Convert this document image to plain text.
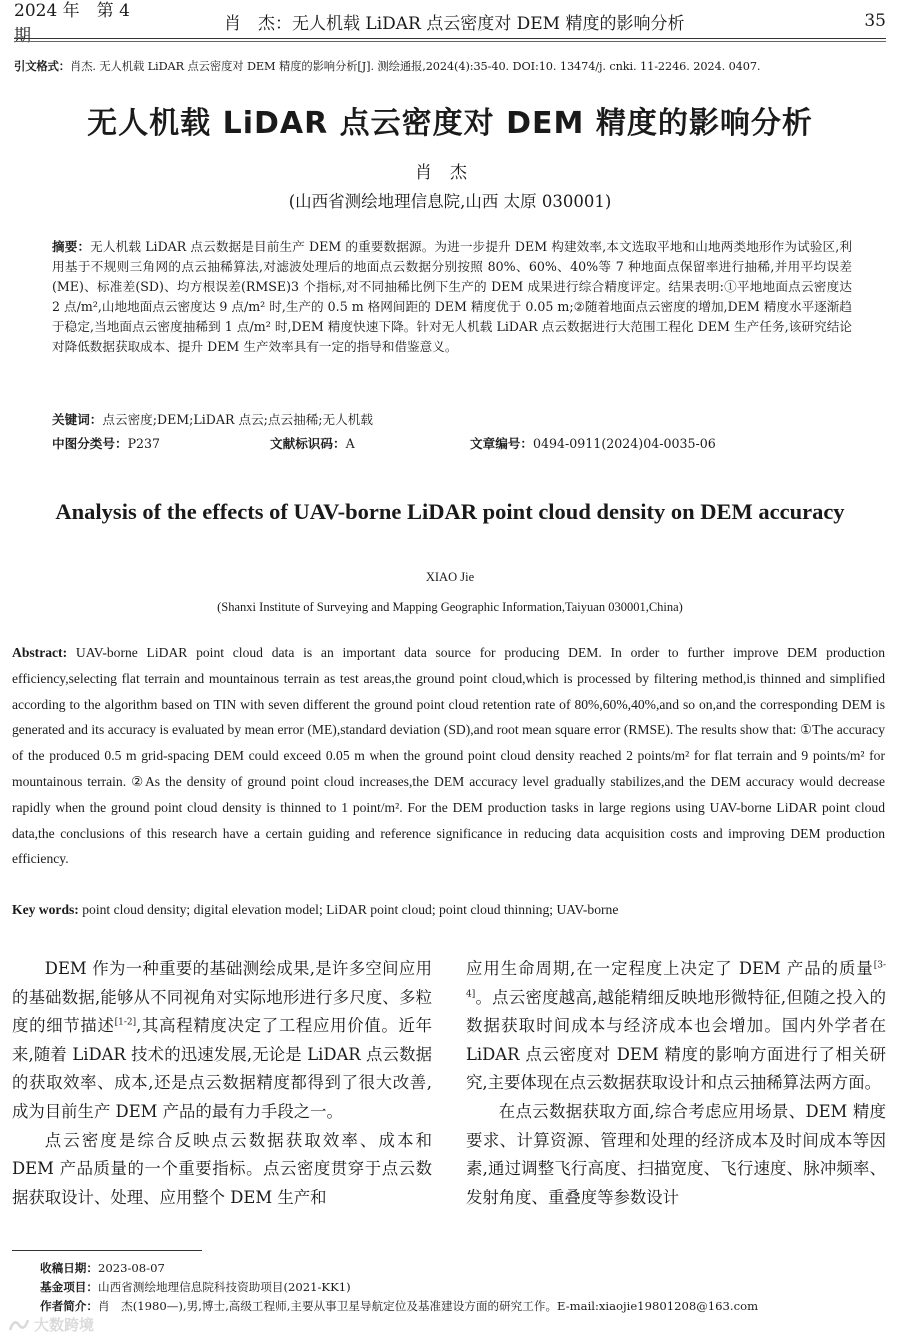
2024 年　第 4 期
肖　杰：无人机载 LiDAR 点云密度对 DEM 精度的影响分析	35
引文格式：肖杰. 无人机载 LiDAR 点云密度对 DEM 精度的影响分析[J]. 测绘通报,2024(4):35-40. DOI:10. 13474/j. cnki. 11-2246. 2024. 0407.
无人机载 LiDAR 点云密度对 DEM 精度的影响分析
肖杰
(山西省测绘地理信息院,山西 太原 030001)
摘要：无人机载 LiDAR 点云数据是目前生产 DEM 的重要数据源。为进一步提升 DEM 构建效率,本文选取平地和山地两类地形作为试验区,利用基于不规则三角网的点云抽稀算法,对滤波处理后的地面点云数据分别按照 80%、60%、40%等 7 种地面点保留率进行抽稀,并用平均误差(ME)、标准差(SD)、均方根误差(RMSE)3 个指标,对不同抽稀比例下生产的 DEM 成果进行综合精度评定。结果表明:①平地地面点云密度达 2 点/m²,山地地面点云密度达 9 点/m² 时,生产的 0.5 m 格网间距的 DEM 精度优于 0.05 m;②随着地面点云密度的增加,DEM 精度水平逐渐趋于稳定,当地面点云密度抽稀到 1 点/m² 时,DEM 精度快速下降。针对无人机载 LiDAR 点云数据进行大范围工程化 DEM 生产任务,该研究结论对降低数据获取成本、提升 DEM 生产效率具有一定的指导和借鉴意义。
关键词：点云密度;DEM;LiDAR 点云;点云抽稀;无人机载
中图分类号：P237	文献标识码：A	文章编号：0494-0911(2024)04-0035-06
Analysis of the effects of UAV-borne LiDAR point cloud density on DEM accuracy
XIAO Jie
(Shanxi Institute of Surveying and Mapping Geographic Information,Taiyuan 030001,China)
Abstract: UAV-borne LiDAR point cloud data is an important data source for producing DEM. In order to further improve DEM production efficiency,selecting flat terrain and mountainous terrain as test areas,the ground point cloud,which is processed by filtering method,is thinned and simplified according to the algorithm based on TIN with seven different the ground point cloud retention rate of 80%,60%,40%,and so on,and the corresponding DEM is generated and its accuracy is evaluated by mean error (ME),standard deviation (SD),and root mean square error (RMSE). The results show that: ①The accuracy of the produced 0.5 m grid-spacing DEM could exceed 0.05 m when the ground point cloud density reached 2 points/m² for flat terrain and 9 points/m² for mountainous terrain. ②As the density of ground point cloud increases,the DEM accuracy level gradually stabilizes,and the DEM accuracy would decrease rapidly when the ground point cloud density is thinned to 1 point/m². For the DEM production tasks in large regions using UAV-borne LiDAR point cloud data,the conclusions of this research have a certain guiding and reference significance in reducing data acquisition costs and improving DEM production efficiency.
Key words: point cloud density; digital elevation model; LiDAR point cloud; point cloud thinning; UAV-borne

DEM 作为一种重要的基础测绘成果,是许多空间应用的基础数据,能够从不同视角对实际地形进行多尺度、多粒度的细节描述[1-2],其高程精度决定了工程应用价值。近年来,随着 LiDAR 技术的迅速发展,无论是 LiDAR 点云数据的获取效率、成本,还是点云数据精度都得到了很大改善,成为目前生产 DEM 产品的最有力手段之一。

点云密度是综合反映点云数据获取效率、成本和 DEM 产品质量的一个重要指标。点云密度贯穿于点云数据获取设计、处理、应用整个 DEM 生产和

应用生命周期,在一定程度上决定了 DEM 产品的质量[3-4]。点云密度越高,越能精细反映地形微特征,但随之投入的数据获取时间成本与经济成本也会增加。国内外学者在 LiDAR 点云密度对 DEM 精度的影响方面进行了相关研究,主要体现在点云数据获取设计和点云抽稀算法两方面。

在点云数据获取方面,综合考虑应用场景、DEM 精度要求、计算资源、管理和处理的经济成本及时间成本等因素,通过调整飞行高度、扫描宽度、飞行速度、脉冲频率、发射角度、重叠度等参数设计

收稿日期：2023-08-07
基金项目：山西省测绘地理信息院科技资助项目(2021-KK1)
作者简介：肖　杰(1980—),男,博士,高级工程师,主要从事卫星导航定位及基准建设方面的研究工作。E-mail:xiaojie19801208@163.com
大数跨境
